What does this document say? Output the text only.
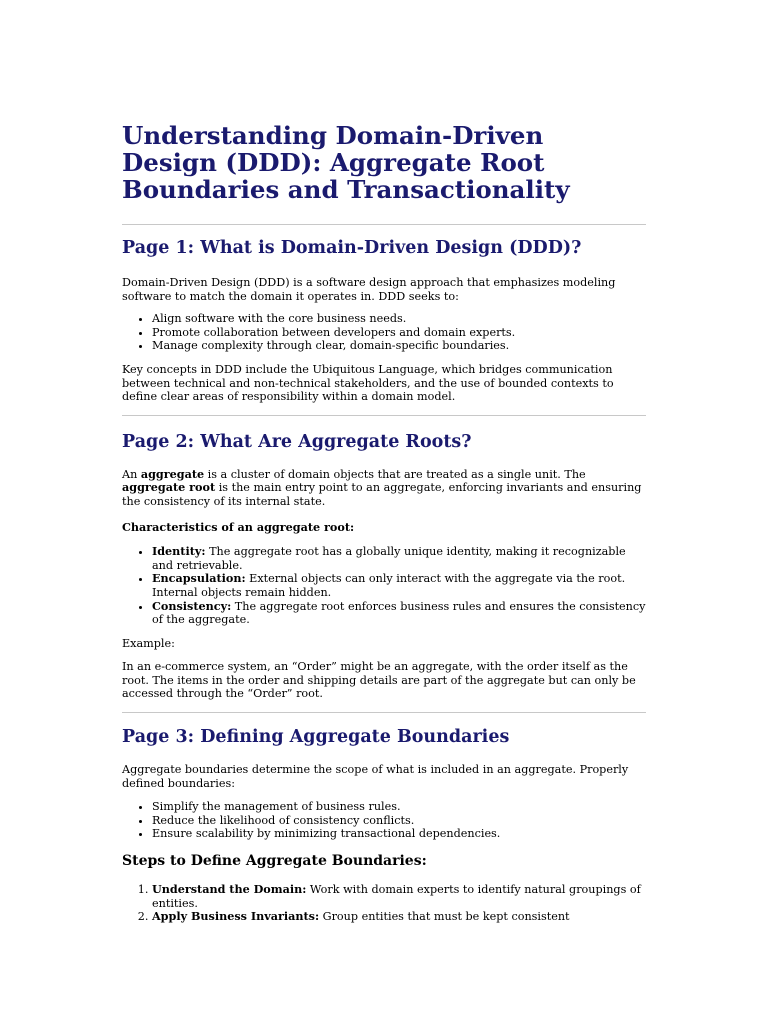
Understanding Domain-Driven Design (DDD): Aggregate Root Boundaries and Transactionality
Page 1: What is Domain-Driven Design (DDD)?

Domain-Driven Design (DDD) is a software design approach that emphasizes modeling software to match the domain it operates in. DDD seeks to:

• Align software with the core business needs.
• Promote collaboration between developers and domain experts.
• Manage complexity through clear, domain-specific boundaries.

Key concepts in DDD include the Ubiquitous Language, which bridges communication between technical and non-technical stakeholders, and the use of bounded contexts to define clear areas of responsibility within a domain model.

Page 2: What Are Aggregate Roots?

An aggregate is a cluster of domain objects that are treated as a single unit. The aggregate root is the main entry point to an aggregate, enforcing invariants and ensuring the consistency of its internal state.

Characteristics of an aggregate root:

• Identity: The aggregate root has a globally unique identity, making it recognizable and retrievable.
• Encapsulation: External objects can only interact with the aggregate via the root. Internal objects remain hidden.
• Consistency: The aggregate root enforces business rules and ensures the consistency of the aggregate.

Example:

In an e-commerce system, an “Order” might be an aggregate, with the order itself as the root. The items in the order and shipping details are part of the aggregate but can only be accessed through the “Order” root.

Page 3: Defining Aggregate Boundaries

Aggregate boundaries determine the scope of what is included in an aggregate. Properly defined boundaries:

• Simplify the management of business rules.
• Reduce the likelihood of consistency conflicts.
• Ensure scalability by minimizing transactional dependencies.
Steps to Define Aggregate Boundaries:
1. Understand the Domain: Work with domain experts to identify natural groupings of entities.
2. Apply Business Invariants: Group entities that must be kept consistent
